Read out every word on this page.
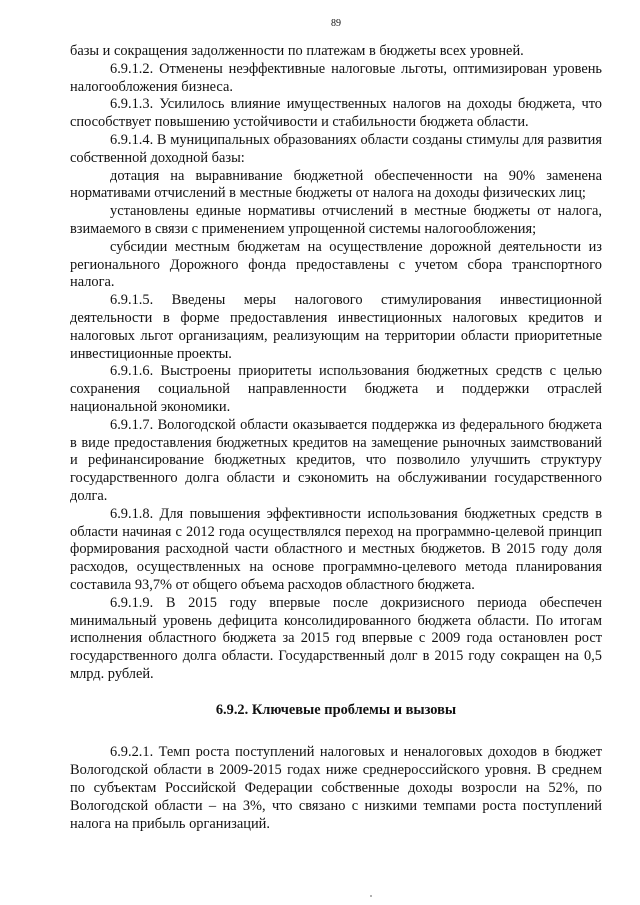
89

базы и сокращения задолженности по платежам в бюджеты всех уровней.

6.9.1.2. Отменены неэффективные налоговые льготы, оптимизирован уровень налогообложения бизнеса.

6.9.1.3. Усилилось влияние имущественных налогов на доходы бюджета, что способствует повышению устойчивости и стабильности бюджета области.

6.9.1.4. В муниципальных образованиях области созданы стимулы для развития собственной доходной базы:

дотация на выравнивание бюджетной обеспеченности на 90% заменена нормативами отчислений в местные бюджеты от налога на доходы физических лиц;

установлены единые нормативы отчислений в местные бюджеты от налога, взимаемого в связи с применением упрощенной системы налогообложения;

субсидии местным бюджетам на осуществление дорожной деятельности из регионального Дорожного фонда предоставлены с учетом сбора транспортного налога.

6.9.1.5. Введены меры налогового стимулирования инвестиционной деятельности в форме предоставления инвестиционных налоговых кредитов и налоговых льгот организациям, реализующим на территории области приоритетные инвестиционные проекты.

6.9.1.6. Выстроены приоритеты использования бюджетных средств с целью сохранения социальной направленности бюджета и поддержки отраслей национальной экономики.

6.9.1.7. Вологодской области оказывается поддержка из федерального бюджета в виде предоставления бюджетных кредитов на замещение рыночных заимствований и рефинансирование бюджетных кредитов, что позволило улучшить структуру государственного долга области и сэкономить на обслуживании государственного долга.

6.9.1.8. Для повышения эффективности использования бюджетных средств в области начиная с 2012 года осуществлялся переход на программно-целевой принцип формирования расходной части областного и местных бюджетов. В 2015 году доля расходов, осуществленных на основе программно-целевого метода планирования составила 93,7% от общего объема расходов областного бюджета.

6.9.1.9. В 2015 году впервые после докризисного периода обеспечен минимальный уровень дефицита консолидированного бюджета области. По итогам исполнения областного бюджета за 2015 год впервые с 2009 года остановлен рост государственного долга области. Государственный долг в 2015 году сокращен на 0,5 млрд. рублей.

6.9.2. Ключевые проблемы и вызовы

6.9.2.1. Темп роста поступлений налоговых и неналоговых доходов в бюджет Вологодской области в 2009-2015 годах ниже среднероссийского уровня. В среднем по субъектам Российской Федерации собственные доходы возросли на 52%, по Вологодской области – на 3%, что связано с низкими темпами роста поступлений налога на прибыль организаций.
